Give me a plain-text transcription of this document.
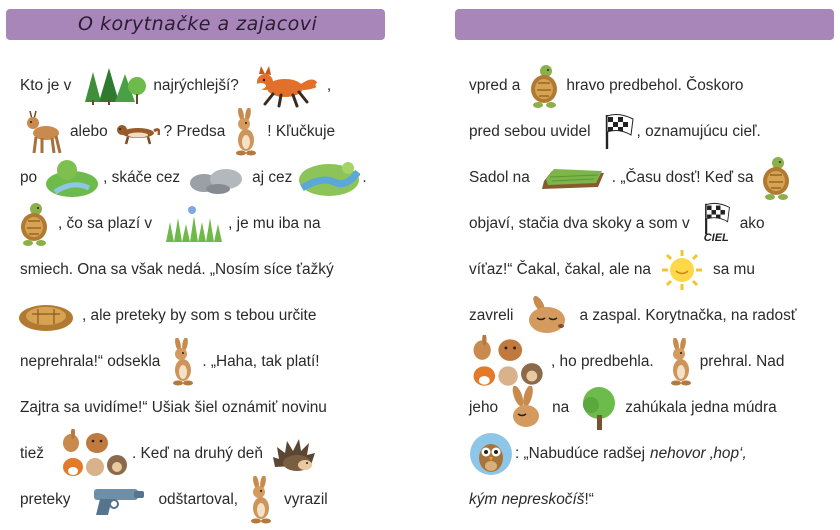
O korytnačke a zajacovi
Kto je v	najrýchlejší?	,
alebo	? Predsa	! Kľučkuje
po	, skáče cez	aj cez	.
, čo sa plazí v	, je mu iba na
smiech. Ona sa však nedá. „Nosím síce ťažký
, ale preteky by som s tebou určite
neprehrala!“ odsekla	. „Haha, tak platí!
Zajtra sa uvidíme!“ Ušiak šiel oznámiť novinu
tiež	. Keď na druhý deň
preteky	odštartoval,	vyrazil
vpred a	hravo predbehol. Čoskoro
pred sebou uvidel	, oznamujúcu cieľ.
Sadol na	. „Času dosť! Keď sa
objaví, stačia dva skoky a som v
CIEL
ako
víťaz!“ Čakal, čakal, ale na	sa mu
zavreli	a zaspal. Korytnačka, na radosť
, ho predbehla.	prehral. Nad
jeho	na	zahúkala jedna múdra
: „Nabudúce radšej nehovor ‚hop‘,
kým nepreskočíš !“
